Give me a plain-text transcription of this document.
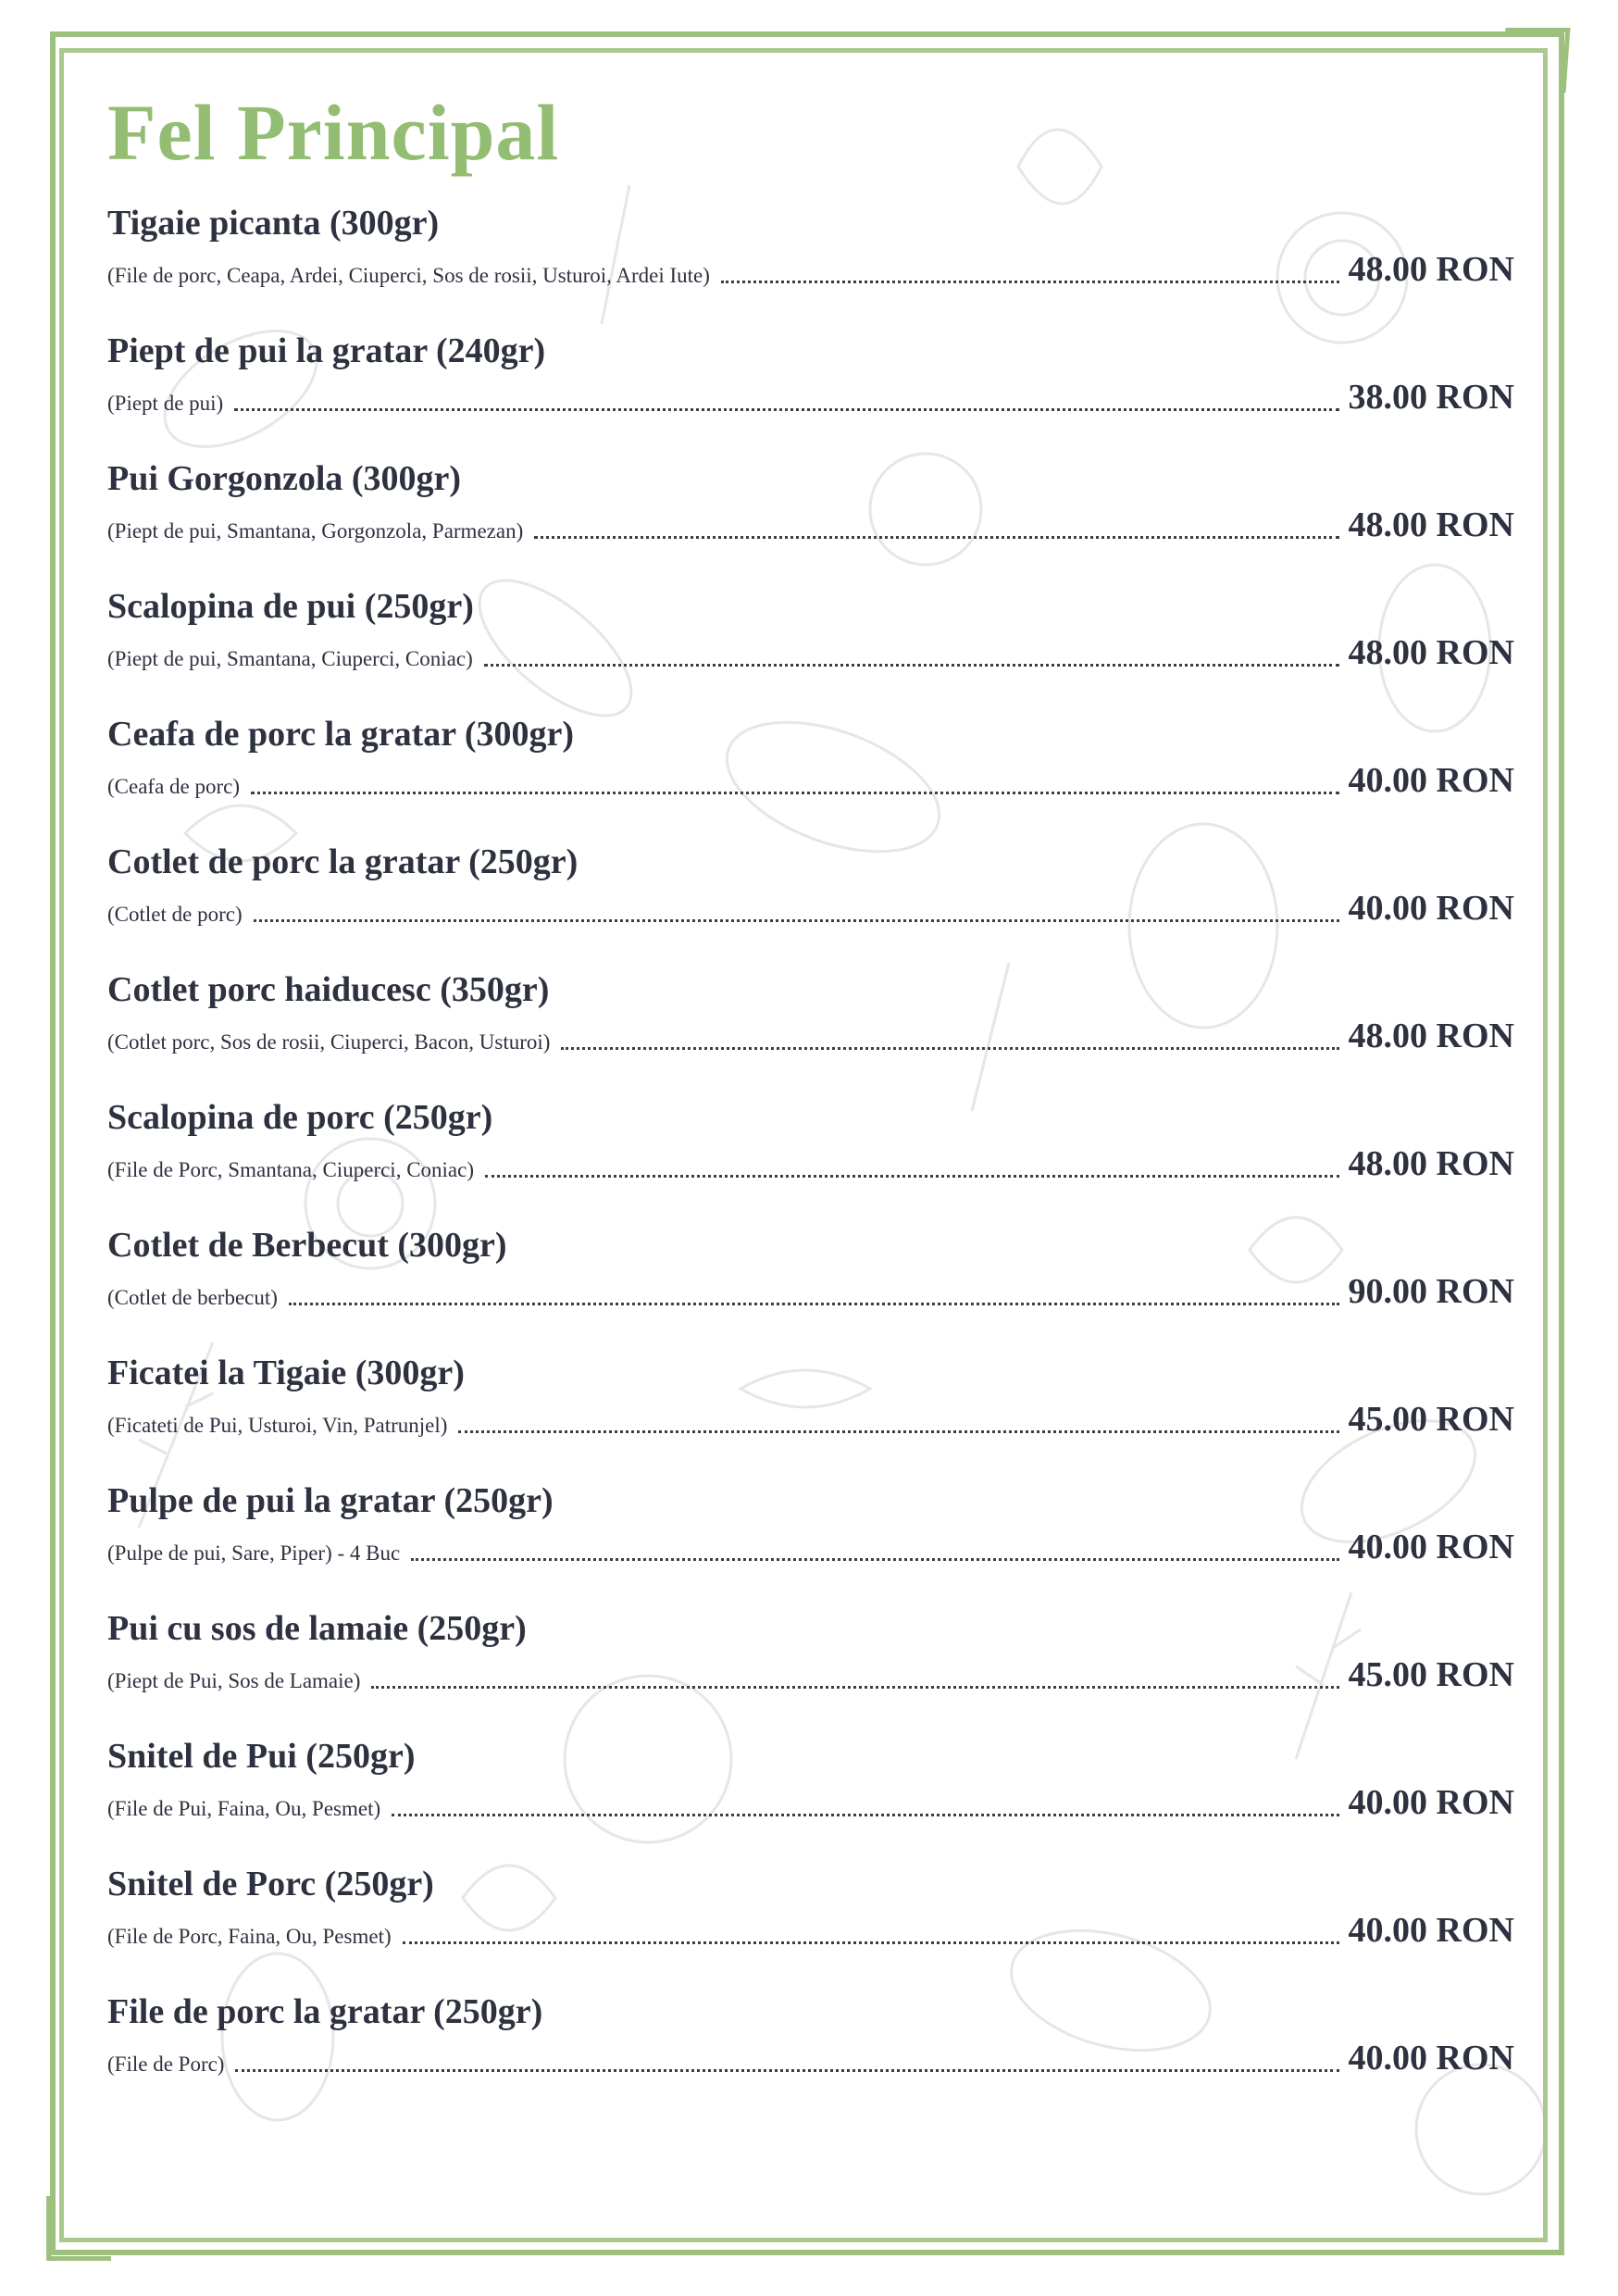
Fel Principal
Tigaie picanta (300gr)
(File de porc, Ceapa, Ardei, Ciuperci, Sos de rosii, Usturoi, Ardei Iute)	48.00 RON
Piept de pui la gratar (240gr)
(Piept de pui)	38.00 RON
Pui Gorgonzola (300gr)
(Piept de pui, Smantana, Gorgonzola, Parmezan)	48.00 RON
Scalopina de pui (250gr)
(Piept de pui, Smantana, Ciuperci, Coniac)	48.00 RON
Ceafa de porc la gratar (300gr)
(Ceafa de porc)	40.00 RON
Cotlet de porc la gratar (250gr)
(Cotlet de porc)	40.00 RON
Cotlet porc haiducesc (350gr)
(Cotlet porc, Sos de rosii, Ciuperci, Bacon, Usturoi)	48.00 RON
Scalopina de porc (250gr)
(File de Porc, Smantana, Ciuperci, Coniac)	48.00 RON
Cotlet de Berbecut (300gr)
(Cotlet de berbecut)	90.00 RON
Ficatei la Tigaie (300gr)
(Ficateti de Pui, Usturoi, Vin, Patrunjel)	45.00 RON
Pulpe de pui la gratar (250gr)
(Pulpe de pui, Sare, Piper) - 4 Buc	40.00 RON
Pui cu sos de lamaie (250gr)
(Piept de Pui, Sos de Lamaie)	45.00 RON
Snitel de Pui (250gr)
(File de Pui, Faina, Ou, Pesmet)	40.00 RON
Snitel de Porc (250gr)
(File de Porc, Faina, Ou, Pesmet)	40.00 RON
File de porc la gratar (250gr)
(File de Porc)	40.00 RON
